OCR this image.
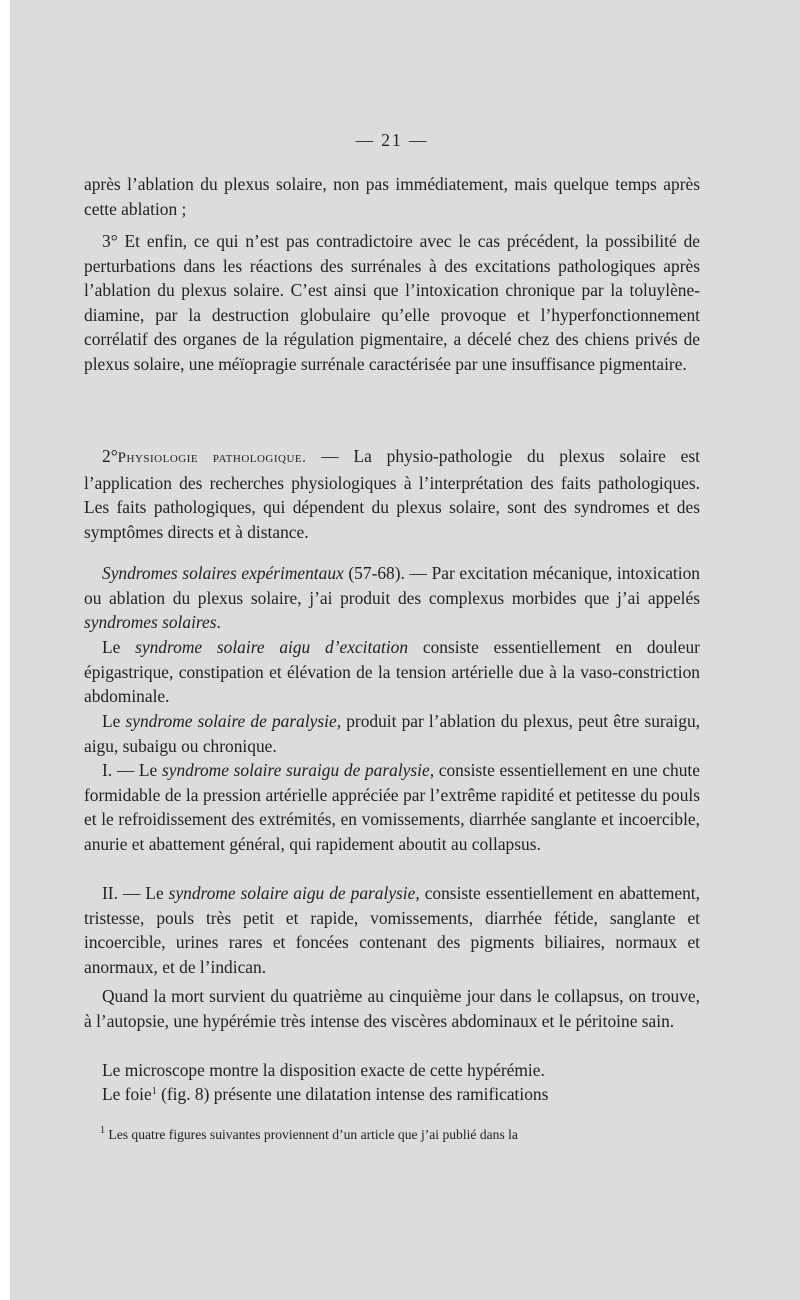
— 21 —

après l’ablation du plexus solaire, non pas immédiatement, mais quelque temps après cette ablation ;

3° Et enfin, ce qui n’est pas contradictoire avec le cas précédent, la possibilité de perturbations dans les réactions des surrénales à des excitations pathologiques après l’ablation du plexus solaire. C’est ainsi que l’intoxication chronique par la toluylène-diamine, par la destruction globulaire qu’elle provoque et l’hyperfonctionnement corrélatif des organes de la régulation pigmentaire, a décelé chez des chiens privés de plexus solaire, une méïopragie surrénale caractérisée par une insuffisance pigmentaire.

2°Physiologie pathologique. — La physio-pathologie du plexus solaire est l’application des recherches physiologiques à l’interprétation des faits pathologiques. Les faits pathologiques, qui dépendent du plexus solaire, sont des syndromes et des symptômes directs et à distance.

Syndromes solaires expérimentaux (57-68). — Par excitation mécanique, intoxication ou ablation du plexus solaire, j’ai produit des complexus morbides que j’ai appelés syndromes solaires.

Le syndrome solaire aigu d’excitation consiste essentiellement en douleur épigastrique, constipation et élévation de la tension artérielle due à la vaso-constriction abdominale.

Le syndrome solaire de paralysie, produit par l’ablation du plexus, peut être suraigu, aigu, subaigu ou chronique.

I. — Le syndrome solaire suraigu de paralysie, consiste essentiellement en une chute formidable de la pression artérielle appréciée par l’extrême rapidité et petitesse du pouls et le refroidissement des extrémités, en vomissements, diarrhée sanglante et incoercible, anurie et abattement général, qui rapidement aboutit au collapsus.

II. — Le syndrome solaire aigu de paralysie, consiste essentiellement en abattement, tristesse, pouls très petit et rapide, vomissements, diarrhée fétide, sanglante et incoercible, urines rares et foncées contenant des pigments biliaires, normaux et anormaux, et de l’indican.

Quand la mort survient du quatrième au cinquième jour dans le collapsus, on trouve, à l’autopsie, une hypérémie très intense des viscères abdominaux et le péritoine sain.

Le microscope montre la disposition exacte de cette hypérémie.

Le foie$^1$ (fig. 8) présente une dilatation intense des ramifications

$^1$ Les quatre figures suivantes proviennent d’un article que j’ai publié dans la
